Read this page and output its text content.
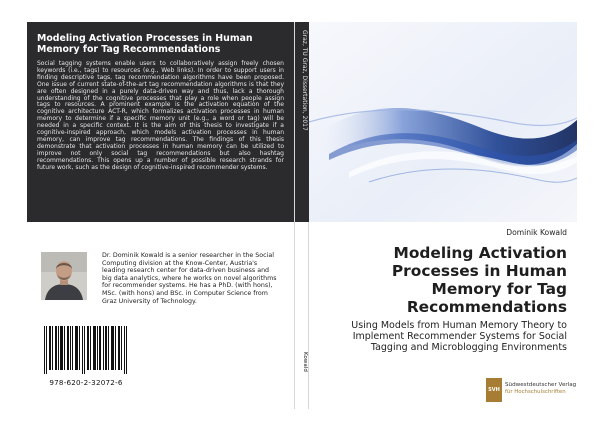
Modeling Activation Processes in Human Memory for Tag Recommendations

Social tagging systems enable users to collaboratively assign freely chosen keywords (i.e., tags) to resources (e.g., Web links). In order to support users in finding descriptive tags, tag recommendation algorithms have been proposed. One issue of current state-of-the-art tag recommendation algorithms is that they are often designed in a purely data-driven way and thus, lack a thorough understanding of the cognitive processes that play a role when people assign tags to resources. A prominent example is the activation equation of the cognitive architecture ACT-R, which formalizes activation processes in human memory to determine if a specific memory unit (e.g., a word or tag) will be needed in a specific context. It is the aim of this thesis to investigate if a cognitive-inspired approach, which models activation processes in human memory, can improve tag recommendations. The findings of this thesis demonstrate that activation processes in human memory can be utilized to improve not only social tag recommendations but also hashtag recommendations. This opens up a number of possible research strands for future work, such as the design of cognitive-inspired recommender systems.

Dr. Dominik Kowald is a senior researcher in the Social Computing division at the Know-Center, Austria's leading research center for data-driven business and big data analytics, where he works on novel algorithms for recommender systems. He has a PhD. (with hons), MSc. (with hons) and BSc. in Computer Science from Graz University of Technology.

978-620-2-32072-6
Graz, TU Graz, Dissertation, 2017
Kowald
Dominik Kowald

Modeling Activation Processes in Human Memory for Tag Recommendations

Using Models from Human Memory Theory to Implement Recommender Systems for Social Tagging and Microblogging Environments

SVH
Südwestdeutscher Verlag
für Hochschulschriften
